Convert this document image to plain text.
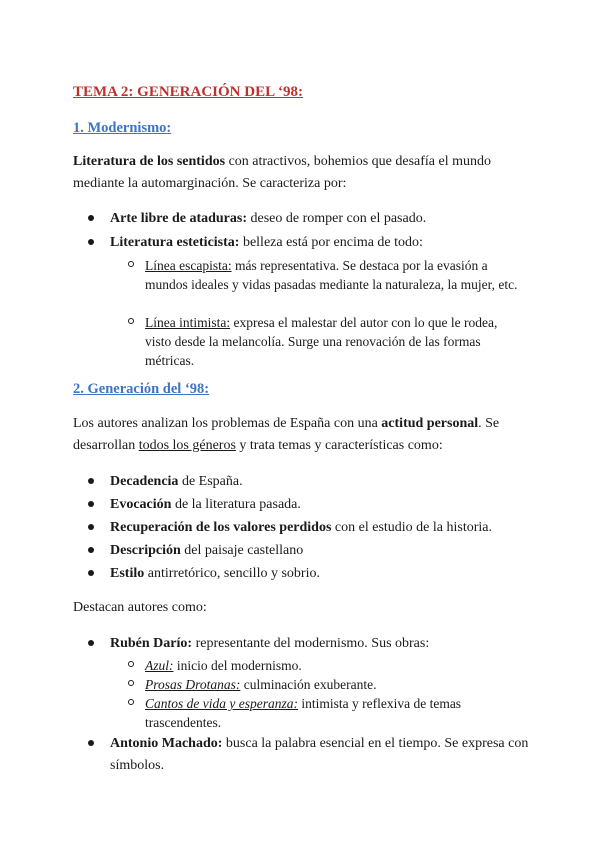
TEMA 2: GENERACIÓN DEL ‘98:
1. Modernismo:

Literatura de los sentidos con atractivos, bohemios que desafía el mundo mediante la automarginación. Se caracteriza por:

Arte libre de ataduras: deseo de romper con el pasado.

Literatura esteticista: belleza está por encima de todo:

Línea escapista: más representativa. Se destaca por la evasión a mundos ideales y vidas pasadas mediante la naturaleza, la mujer, etc.

Línea intimista: expresa el malestar del autor con lo que le rodea, visto desde la melancolía. Surge una renovación de las formas métricas.

2. Generación del ‘98:

Los autores analizan los problemas de España con una actitud personal. Se desarrollan todos los géneros y trata temas y características como:

Decadencia de España.

Evocación de la literatura pasada.

Recuperación de los valores perdidos con el estudio de la historia.

Descripción del paisaje castellano

Estilo antirretórico, sencillo y sobrio.

Destacan autores como:

Rubén Darío: representante del modernismo. Sus obras:

Azul: inicio del modernismo.

Prosas Drotanas: culminación exuberante.

Cantos de vida y esperanza: intimista y reflexiva de temas trascendentes.

Antonio Machado: busca la palabra esencial en el tiempo. Se expresa con símbolos.
